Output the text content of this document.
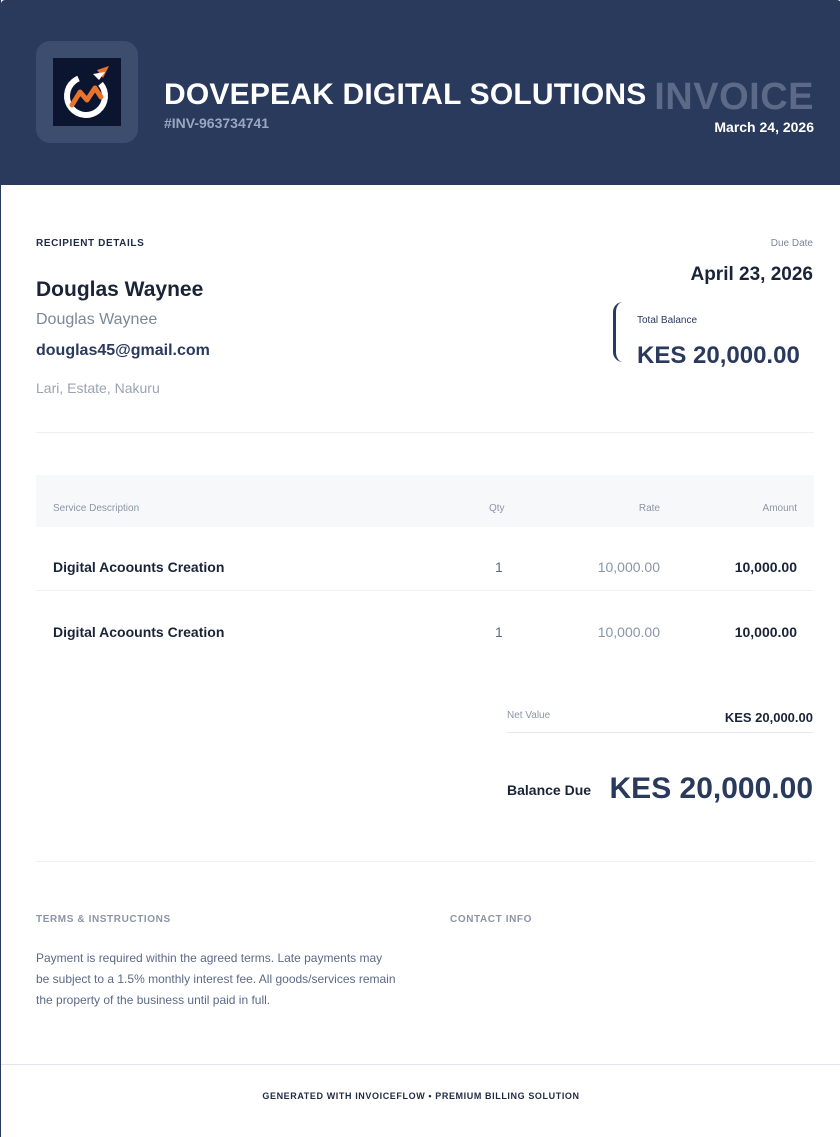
DOVEPEAK DIGITAL SOLUTIONS
#INV-963734741
INVOICE
March 24, 2026
RECIPIENT DETAILS
Douglas Waynee
Douglas Waynee
douglas45@gmail.com
Lari, Estate, Nakuru
Due Date
April 23, 2026
Total Balance
KES 20,000.00
Service Description	Qty	Rate	Amount
Digital Acoounts Creation	1	10,000.00	10,000.00
Digital Acoounts Creation	1	10,000.00	10,000.00
Net Value	KES 20,000.00
Balance Due KES 20,000.00
TERMS & INSTRUCTIONS
Payment is required within the agreed terms. Late payments may be subject to a 1.5% monthly interest fee. All goods/services remain the property of the business until paid in full.
CONTACT INFO
GENERATED WITH INVOICEFLOW • PREMIUM BILLING SOLUTION
